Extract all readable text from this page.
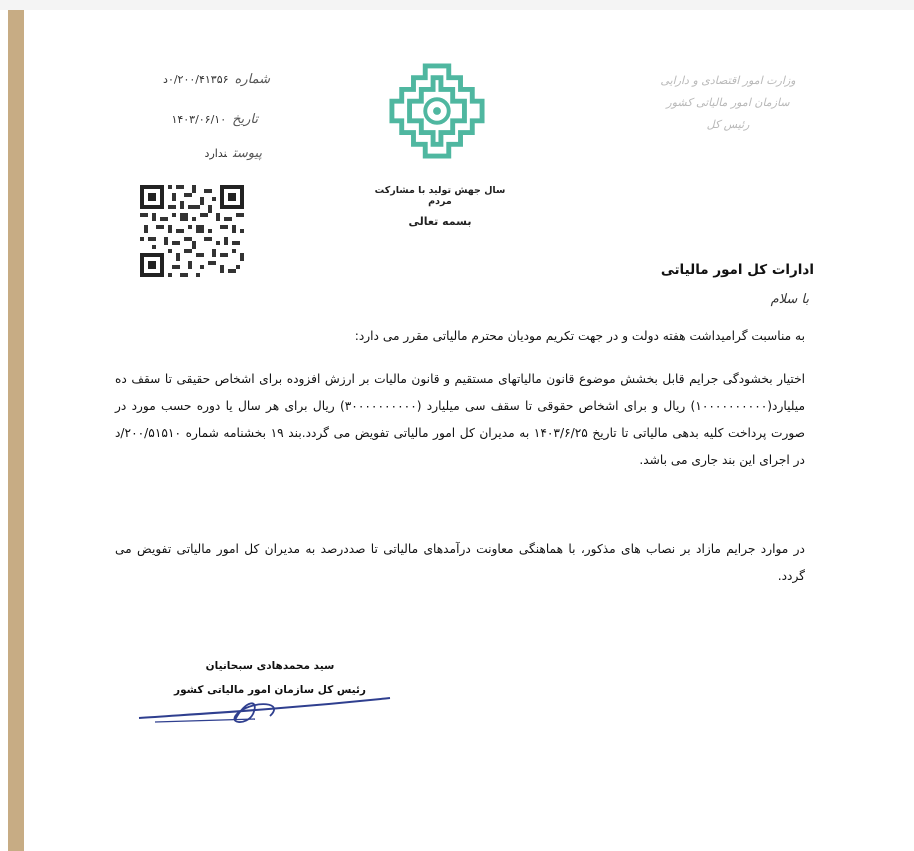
شماره۰/۲۰۰/۴۱۳۵۶د
تاریخ۱۴۰۳/۰۶/۱۰
پیوستندارد
وزارت امور اقتصادی و دارایی
سازمان امور مالیاتی کشور
رئیس کل
سال جهش تولید با مشارکت مردم
بسمه تعالی
ادارات کل امور مالیاتی
با سلام
به مناسبت گرامیداشت هفته دولت و در جهت تکریم مودیان محترم مالیاتی مقرر می دارد:
اختیار بخشودگی جرایم قابل بخشش موضوع قانون مالیاتهای مستقیم و قانون مالیات بر ارزش افزوده برای اشخاص حقیقی تا سقف ده میلیارد(۱۰۰۰۰۰۰۰۰۰۰) ریال و برای اشخاص حقوقی تا سقف سی میلیارد (۳۰۰۰۰۰۰۰۰۰۰) ریال برای هر سال یا دوره حسب مورد در صورت پرداخت کلیه بدهی مالیاتی تا تاریخ ۱۴۰۳/۶/۲۵ به مدیران کل امور مالیاتی تفویض می گردد.بند ۱۹ بخشنامه شماره ۲۰۰/۵۱۵۱۰/د در اجرای این بند جاری می باشد.
در موارد جرایم مازاد بر نصاب های مذکور، با هماهنگی معاونت درآمدهای مالیاتی تا صددرصد به مدیران کل امور مالیاتی تفویض می گردد.
سید محمدهادی سبحانیان
رئیس کل سازمان امور مالیاتی کشور
